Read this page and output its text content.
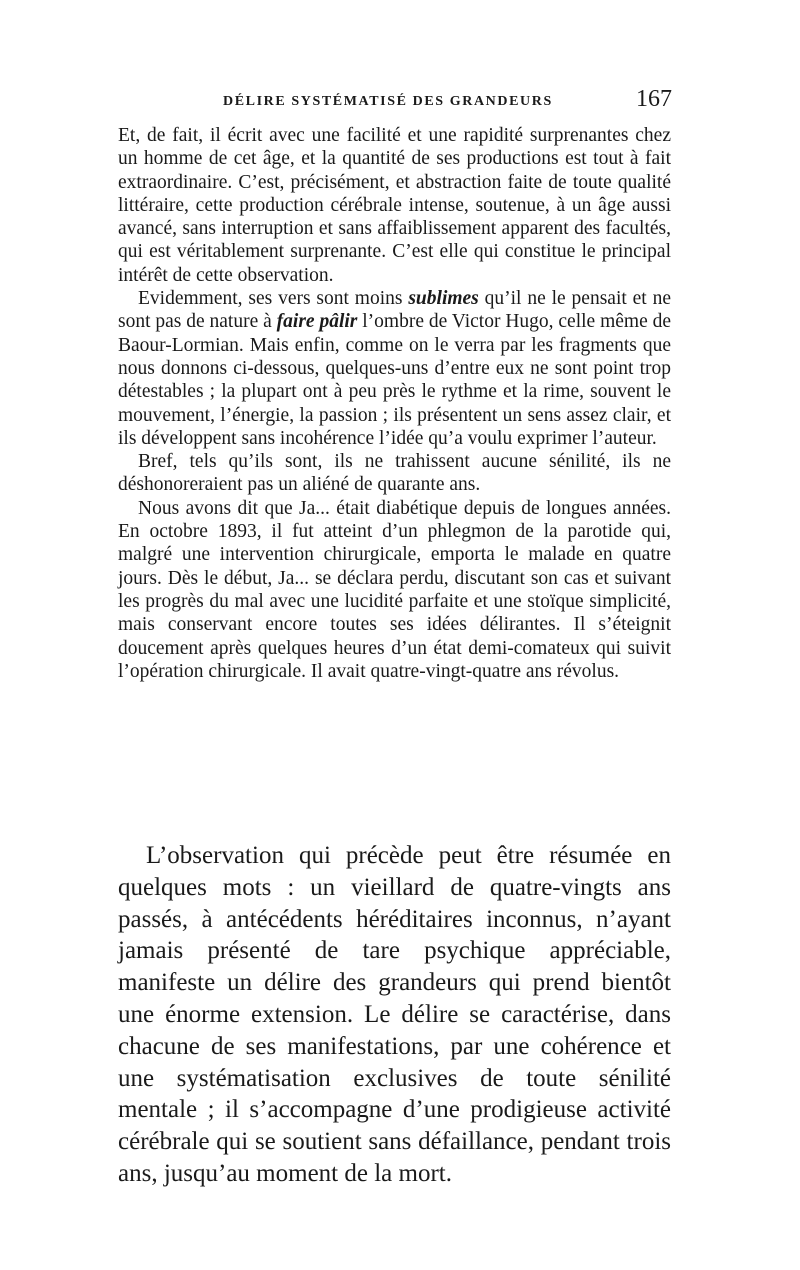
DÉLIRE SYSTÉMATISÉ DES GRANDEURS	167

Et, de fait, il écrit avec une facilité et une rapidité surprenantes chez un homme de cet âge, et la quantité de ses productions est tout à fait extraordinaire. C’est, précisément, et abstraction faite de toute qualité littéraire, cette production cérébrale intense, soutenue, à un âge aussi avancé, sans interruption et sans affaiblissement apparent des facultés, qui est véritablement surprenante. C’est elle qui constitue le principal intérêt de cette observation.

Evidemment, ses vers sont moins sublimes qu’il ne le pensait et ne sont pas de nature à faire pâlir l’ombre de Victor Hugo, celle même de Baour-Lormian. Mais enfin, comme on le verra par les fragments que nous donnons ci-dessous, quelques-uns d’entre eux ne sont point trop détestables ; la plupart ont à peu près le rythme et la rime, souvent le mouvement, l’énergie, la passion ; ils présentent un sens assez clair, et ils développent sans incohérence l’idée qu’a voulu exprimer l’auteur.

Bref, tels qu’ils sont, ils ne trahissent aucune sénilité, ils ne déshonoreraient pas un aliéné de quarante ans.

Nous avons dit que Ja... était diabétique depuis de longues années. En octobre 1893, il fut atteint d’un phlegmon de la parotide qui, malgré une intervention chirurgicale, emporta le malade en quatre jours. Dès le début, Ja... se déclara perdu, discutant son cas et suivant les progrès du mal avec une lucidité parfaite et une stoïque simplicité, mais conservant encore toutes ses idées délirantes. Il s’éteignit doucement après quelques heures d’un état demi-comateux qui suivit l’opération chirurgicale. Il avait quatre-vingt-quatre ans révolus.

L’observation qui précède peut être résumée en quelques mots : un vieillard de quatre-vingts ans passés, à antécédents héréditaires inconnus, n’ayant jamais présenté de tare psychique appréciable, manifeste un délire des grandeurs qui prend bientôt une énorme extension. Le délire se caractérise, dans chacune de ses manifestations, par une cohérence et une systématisation exclusives de toute sénilité mentale ; il s’accompagne d’une prodigieuse activité cérébrale qui se soutient sans défaillance, pendant trois ans, jusqu’au moment de la mort.
